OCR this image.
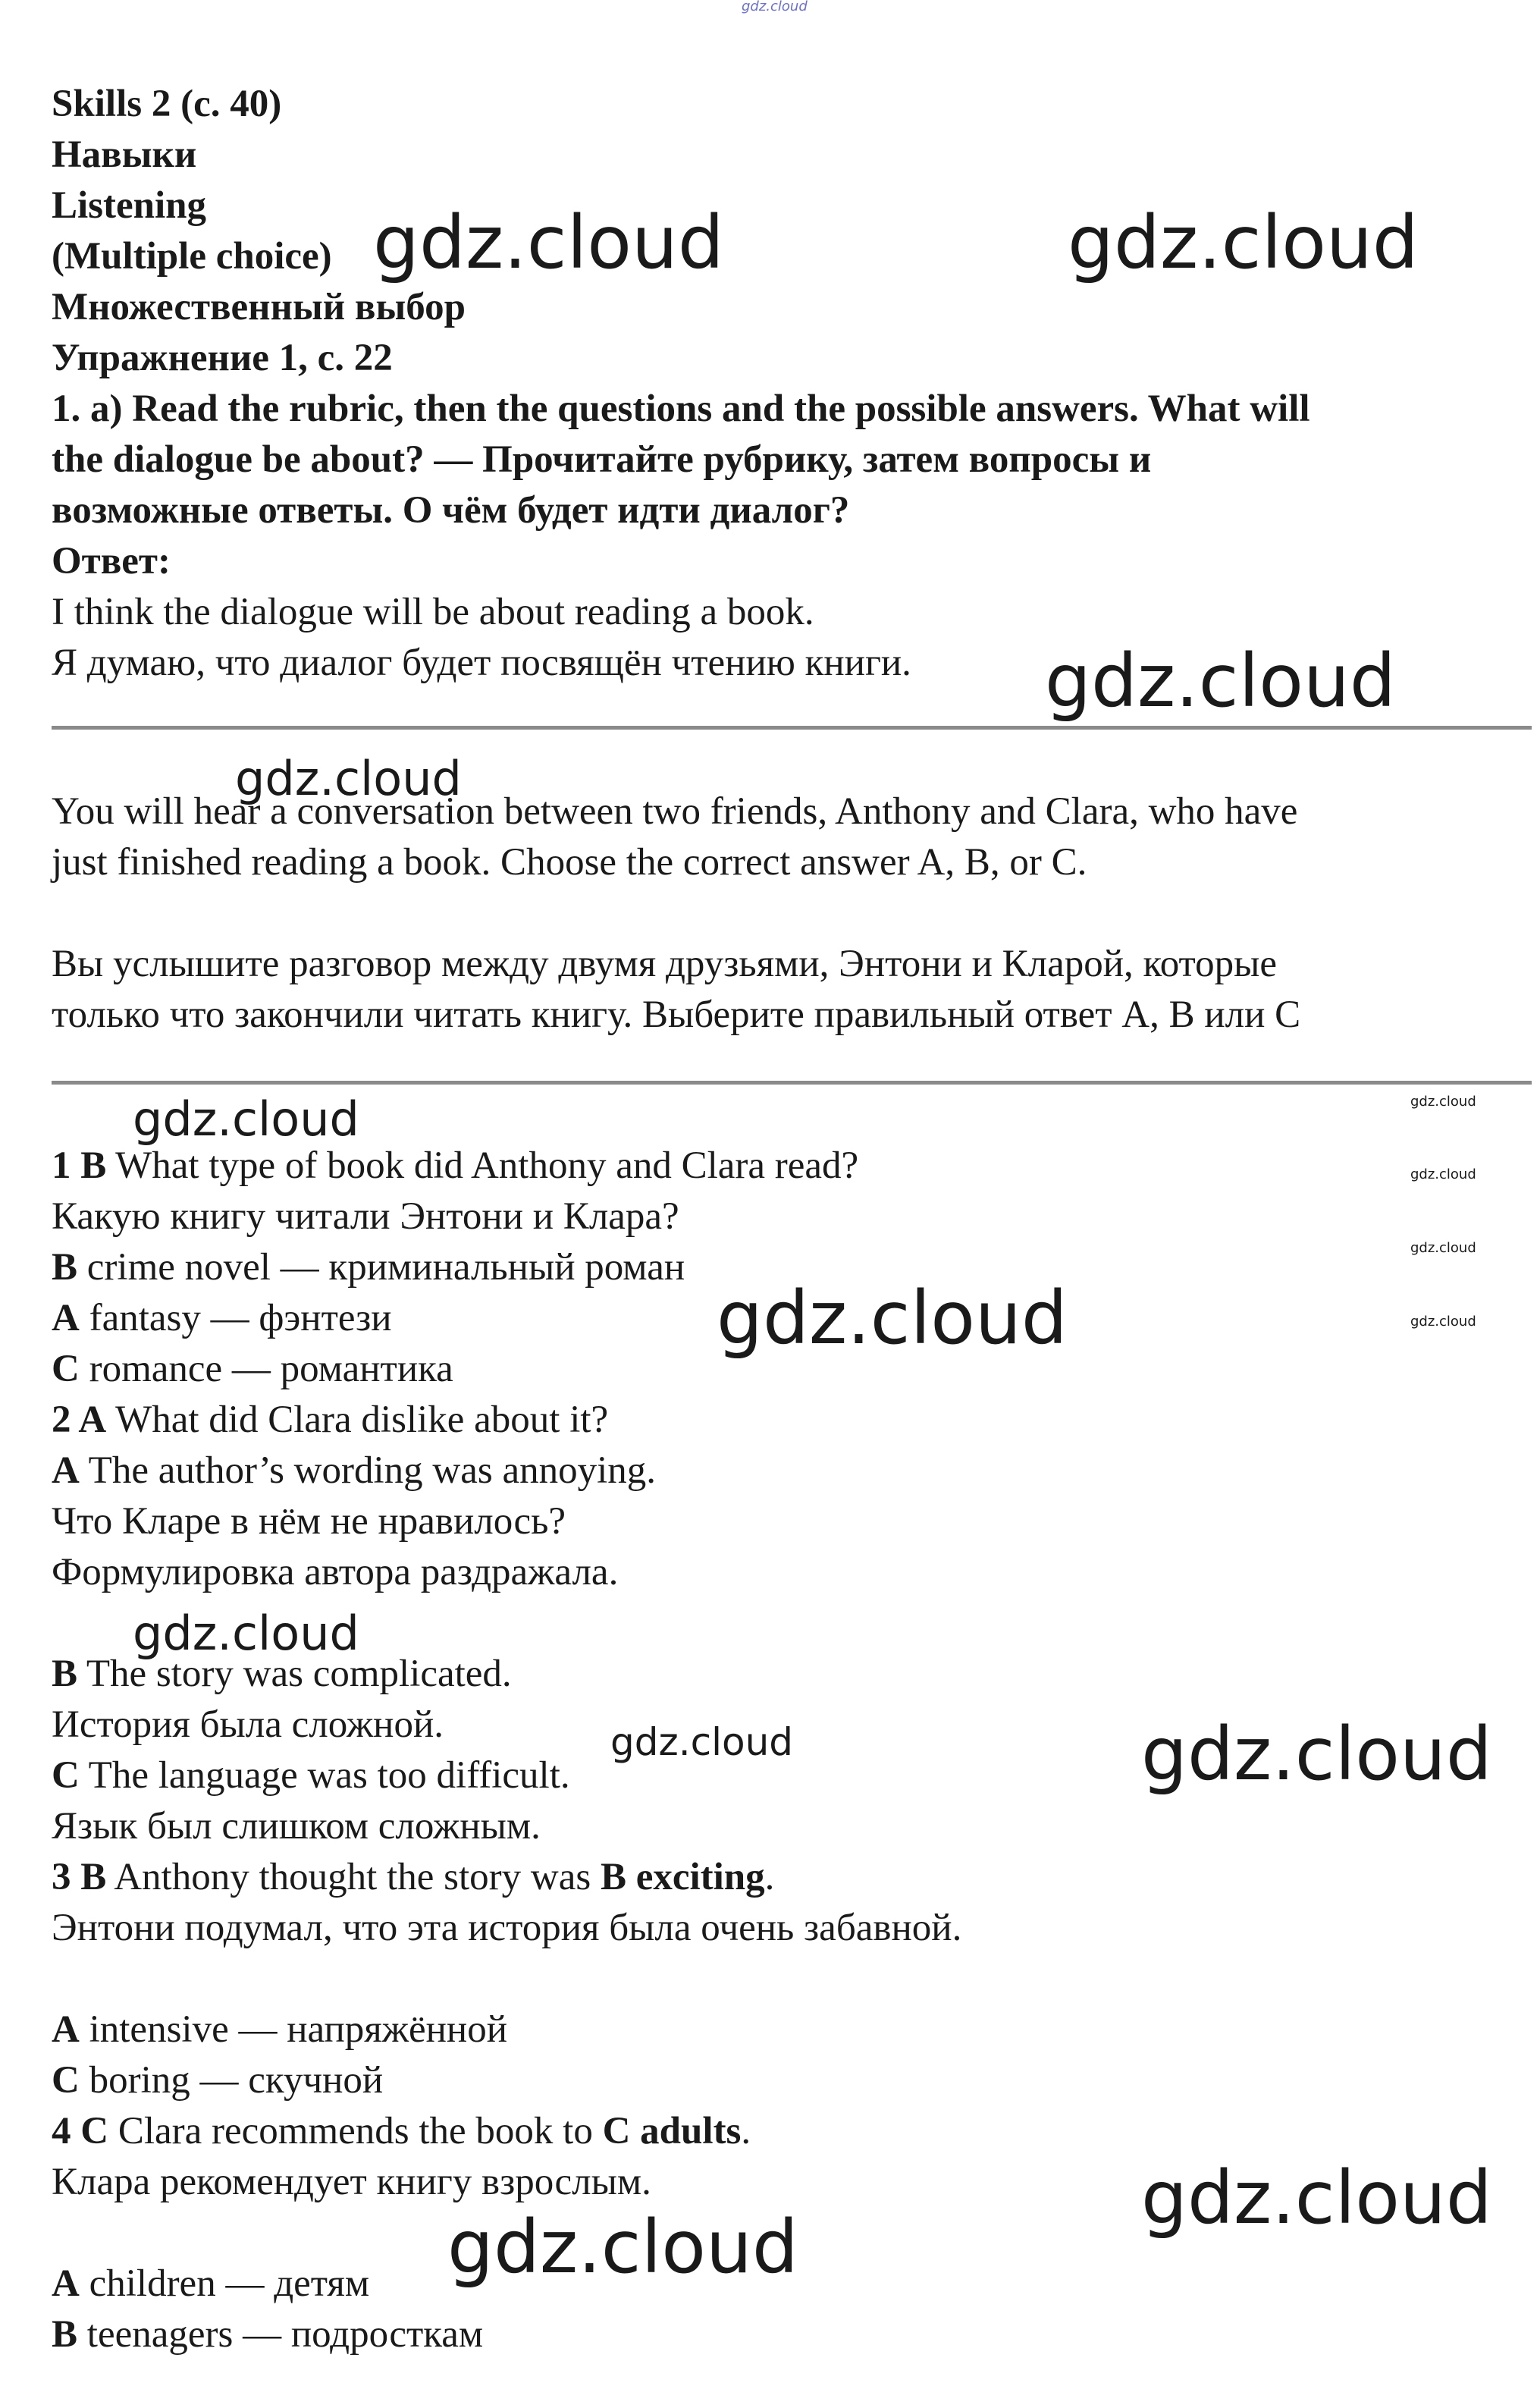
Skills 2 (с. 40)

Навыки

Listening

(Multiple choice)

Множественный выбор

Упражнение 1, с. 22

1. a) Read the rubric, then the questions and the possible answers. What will

the dialogue be about? — Прочитайте рубрику, затем вопросы и

возможные ответы. О чём будет идти диалог?

Ответ:

I think the dialogue will be about reading a book.

Я думаю, что диалог будет посвящён чтению книги.

You will hear a conversation between two friends, Anthony and Clara, who have

just finished reading a book. Choose the correct answer A, B, or C.

Вы услышите разговор между двумя друзьями, Энтони и Кларой, которые

только что закончили читать книгу. Выберите правильный ответ А, В или С

1 B What type of book did Anthony and Clara read?

Какую книгу читали Энтони и Клара?

B crime novel — криминальный роман

A fantasy — фэнтези

C romance — романтика

2 A What did Clara dislike about it?

A The author’s wording was annoying.

Что Кларе в нём не нравилось?

Формулировка автора раздражала.

B The story was complicated.

История была сложной.

C The language was too difficult.

Язык был слишком сложным.

3 B Anthony thought the story was B exciting.

Энтони подумал, что эта история была очень забавной.

A intensive — напряжённой

C boring — скучной

4 C Clara recommends the book to C adults.

Клара рекомендует книгу взрослым.

A children — детям

B teenagers — подросткам

gdz.cloud
gdz.cloud	gdz.cloud
gdz.cloud
gdz.cloud
gdz.cloud	gdz.cloud
gdz.cloud
gdz.cloud
gdz.cloud
gdz.cloud
gdz.cloud
gdz.cloud	gdz.cloud
gdz.cloud
gdz.cloud
